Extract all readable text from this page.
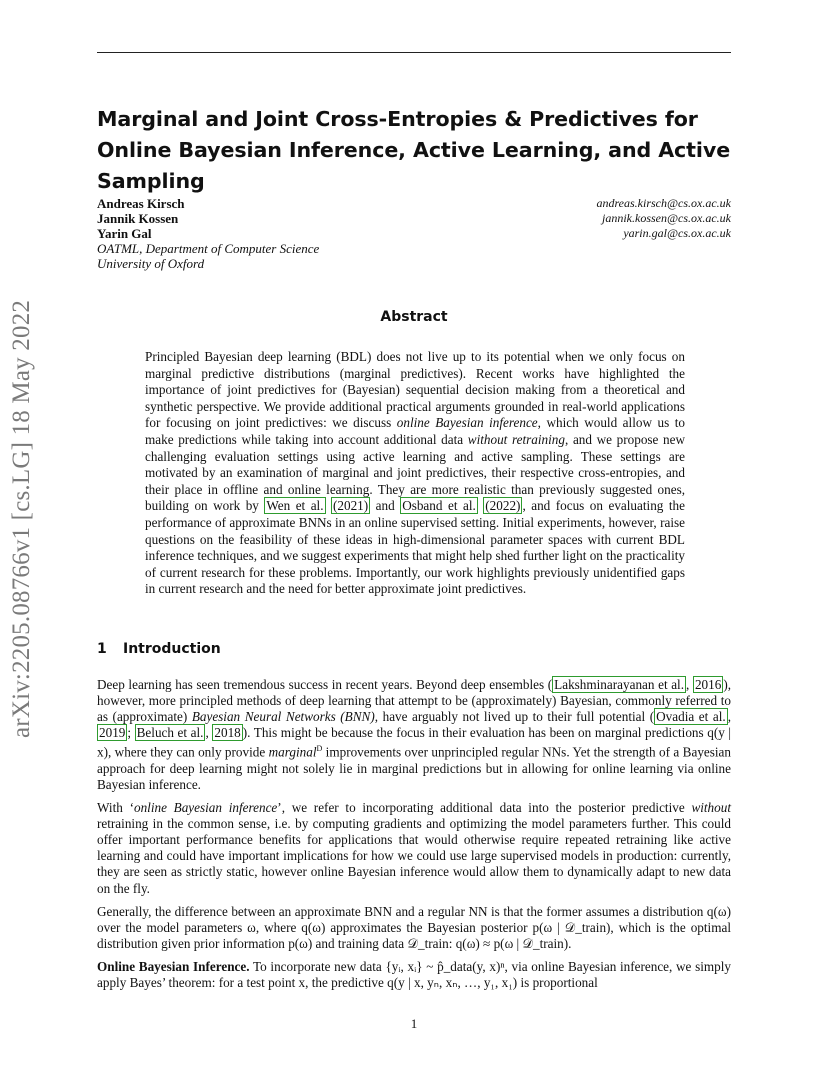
arXiv:2205.08766v1 [cs.LG] 18 May 2022
Marginal and Joint Cross-Entropies & Predictives for Online Bayesian Inference, Active Learning, and Active Sampling
Andreas Kirsch
Jannik Kossen
Yarin Gal
OATML, Department of Computer Science
University of Oxford
andreas.kirsch@cs.ox.ac.uk
jannik.kossen@cs.ox.ac.uk
yarin.gal@cs.ox.ac.uk
Abstract
Principled Bayesian deep learning (BDL) does not live up to its potential when we only focus on marginal predictive distributions (marginal predictives). Recent works have highlighted the importance of joint predictives for (Bayesian) sequential decision making from a theoretical and synthetic perspective. We provide additional practical arguments grounded in real-world applications for focusing on joint predictives: we discuss online Bayesian inference, which would allow us to make predictions while taking into account additional data without retraining, and we propose new challenging evaluation settings using active learning and active sampling. These settings are motivated by an examination of marginal and joint predictives, their respective cross-entropies, and their place in offline and online learning. They are more realistic than previously suggested ones, building on work by Wen et al. (2021) and Osband et al. (2022) , and focus on evaluating the performance of approximate BNNs in an online supervised setting. Initial experiments, however, raise questions on the feasibility of these ideas in high-dimensional parameter spaces with current BDL inference techniques, and we suggest experiments that might help shed further light on the practicality of current research for these problems. Importantly, our work highlights previously unidentified gaps in current research and the need for better approximate joint predictives.
1 Introduction

Deep learning has seen tremendous success in recent years. Beyond deep ensembles ( Lakshminarayanan et al. , 2016 ), however, more principled methods of deep learning that attempt to be (approximately) Bayesian, commonly referred to as (approximate) Bayesian Neural Networks (BNN), have arguably not lived up to their full potential ( Ovadia et al. , 2019 ; Beluch et al. , 2018 ). This might be because the focus in their evaluation has been on marginal predictions q(y | x), where they can only provide marginal$^D$ improvements over unprincipled regular NNs. Yet the strength of a Bayesian approach for deep learning might not solely lie in marginal predictions but in allowing for online learning via online Bayesian inference.

With ‘online Bayesian inference’, we refer to incorporating additional data into the posterior predictive without retraining in the common sense, i.e. by computing gradients and optimizing the model parameters further. This could offer important performance benefits for applications that would otherwise require repeated retraining like active learning and could have important implications for how we could use large supervised models in production: currently, they are seen as strictly static, however online Bayesian inference would allow them to dynamically adapt to new data on the fly.

Generally, the difference between an approximate BNN and a regular NN is that the former assumes a distribution q(ω) over the model parameters ω, where q(ω) approximates the Bayesian posterior p(ω | 𝒟_train), which is the optimal distribution given prior information p(ω) and training data 𝒟_train: q(ω) ≈ p(ω | 𝒟_train).

Online Bayesian Inference. To incorporate new data {yᵢ, xᵢ} ~ p̂_data(y, x)ⁿ, via online Bayesian inference, we simply apply Bayes’ theorem: for a test point x, the predictive q(y | x, yₙ, xₙ, …, y₁, x₁) is proportional

1
